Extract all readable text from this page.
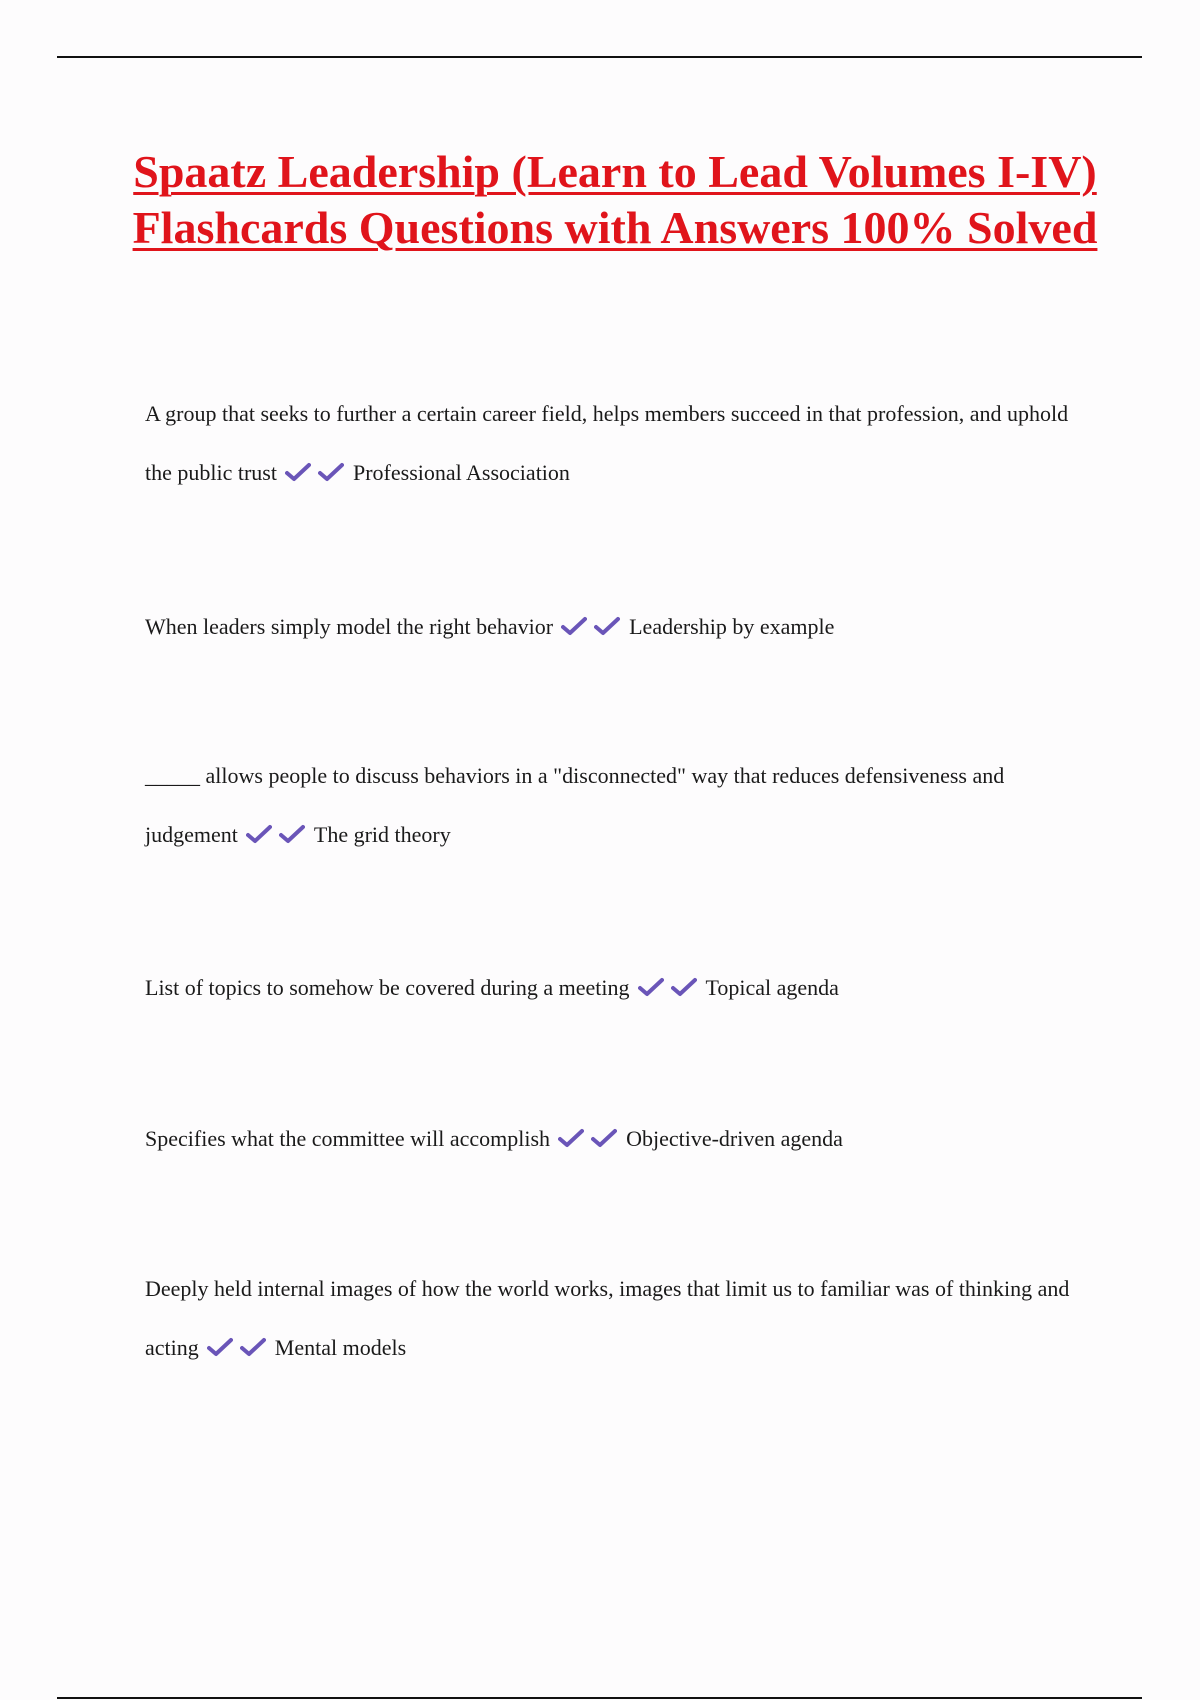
Spaatz Leadership (Learn to Lead Volumes I-IV) Flashcards Questions with Answers 100% Solved

A group that seeks to further a certain career field, helps members succeed in that profession, and uphold the public trust	Professional Association

When leaders simply model the right behavior	Leadership by example

_____ allows people to discuss behaviors in a "disconnected" way that reduces defensiveness and judgement	The grid theory

List of topics to somehow be covered during a meeting	Topical agenda

Specifies what the committee will accomplish	Objective-driven agenda

Deeply held internal images of how the world works, images that limit us to familiar was of thinking and acting	Mental models
